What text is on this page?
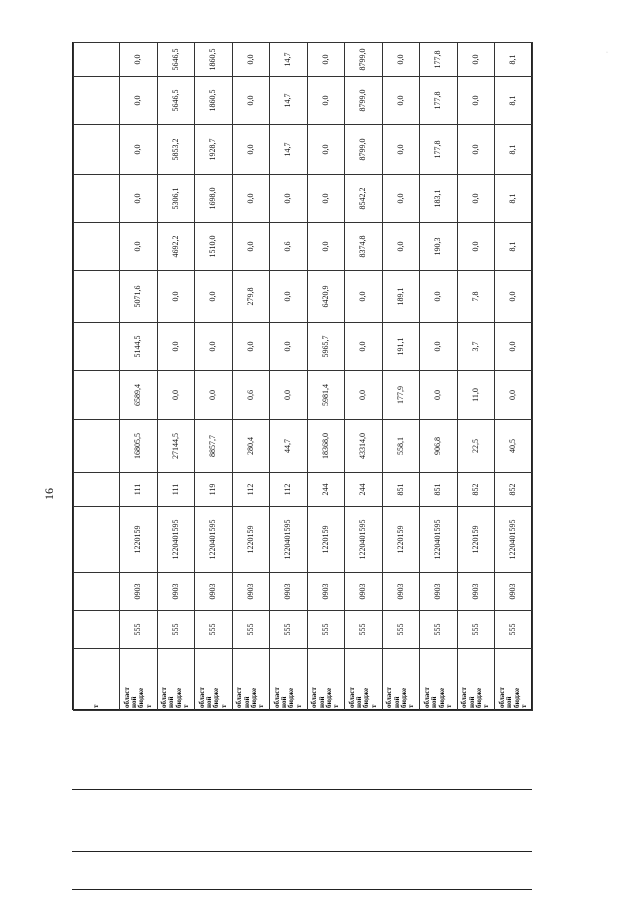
16
·
т													
област
ной
бюдже
т	555	0903	1220159	111	16805,5	6589,4	5144,5	5071,6	0,0	0,0	0,0	0,0	0,0
област
ной
бюдже
т	555	0903	1220401595	111	27144,5	0,0	0,0	0,0	4692,2	5306,1	5853,2	5646,5	5646,5
област
ной
бюдже
т	555	0903	1220401595	119	8857,7	0,0	0,0	0,0	1510,0	1698,0	1928,7	1860,5	1860,5
област
ной
бюдже
т	555	0903	1220159	112	280,4	0,6	0,0	279,8	0,0	0,0	0,0	0,0	0,0
област
ной
бюдже
т	555	0903	1220401595	112	44,7	0,0	0,0	0,0	0,6	0,0	14,7	14,7	14,7
област
ной
бюдже
т	555	0903	1220159	244	18368,0	5981,4	5965,7	6420,9	0,0	0,0	0,0	0,0	0,0
област
ной
бюдже
т	555	0903	1220401595	244	43314,0	0,0	0,0	0,0	8374,8	8542,2	8799,0	8799,0	8799,0
област
ной
бюдже
т	555	0903	1220159	851	558,1	177,9	191,1	189,1	0,0	0,0	0,0	0,0	0,0
област
ной
бюдже
т	555	0903	1220401595	851	906,8	0,0	0,0	0,0	190,3	183,1	177,8	177,8	177,8
област
ной
бюдже
т	555	0903	1220159	852	22,5	11,0	3,7	7,8	0,0	0,0	0,0	0,0	0,0
област
ной
бюдже
т	555	0903	1220401595	852	40,5	0,0	0,0	0,0	8,1	8,1	8,1	8,1	8,1
